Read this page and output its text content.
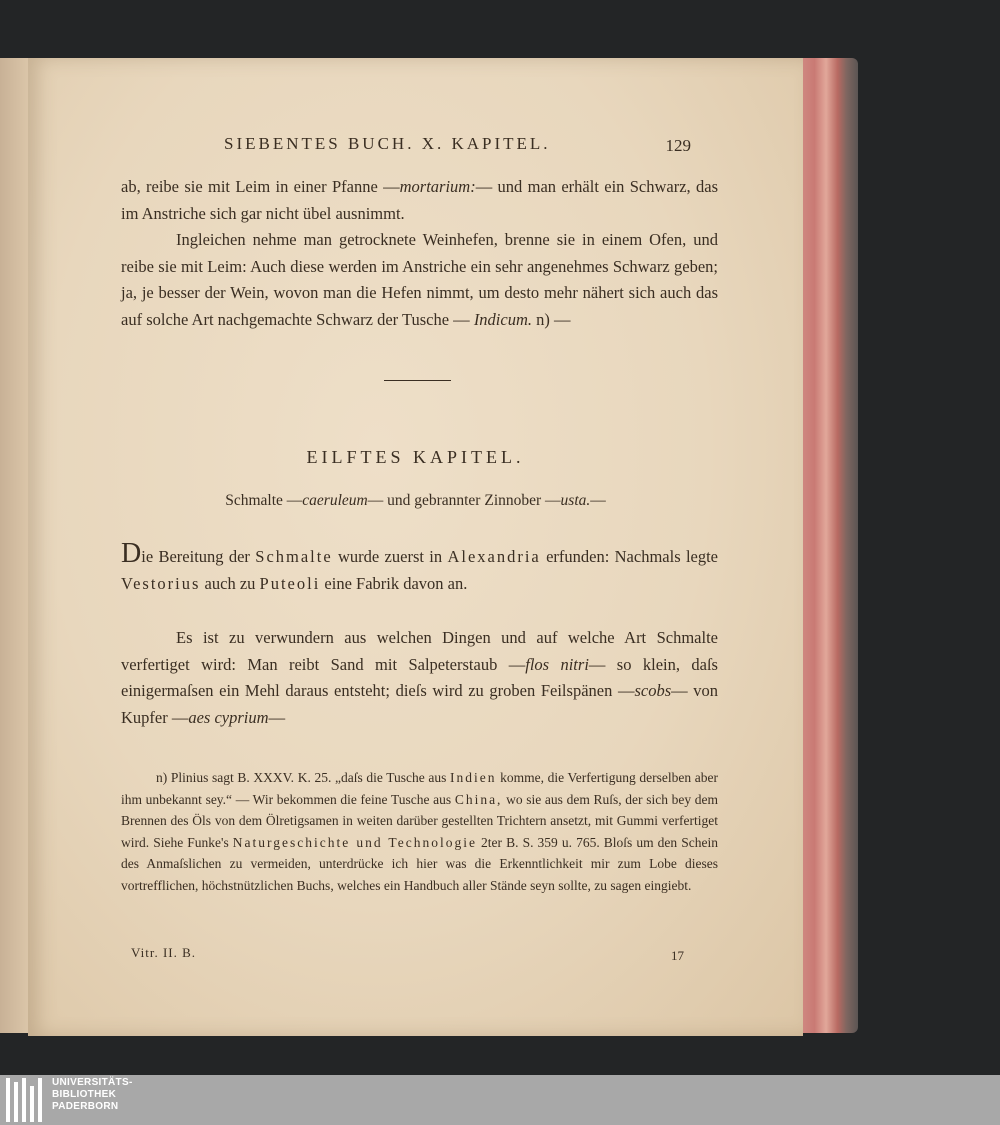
SIEBENTES BUCH. X. KAPITEL.	129

ab, reibe sie mit Leim in einer Pfanne —mortarium:— und man erhält ein Schwarz, das im Anstriche sich gar nicht übel ausnimmt.

Ingleichen nehme man getrocknete Weinhefen, brenne sie in einem Ofen, und reibe sie mit Leim: Auch diese werden im Anstriche ein sehr angenehmes Schwarz geben; ja, je besser der Wein, wovon man die Hefen nimmt, um desto mehr nähert sich auch das auf solche Art nachgemachte Schwarz der Tusche — Indicum. n) —

EILFTES KAPITEL.
Schmalte —caeruleum— und gebrannter Zinnober —usta.—

Die Bereitung der Schmalte wurde zuerst in Alexandria erfunden: Nachmals legte Vestorius auch zu Puteoli eine Fabrik davon an.

Es ist zu verwundern aus welchen Dingen und auf welche Art Schmalte verfertiget wird: Man reibt Sand mit Salpeterstaub —flos nitri— so klein, daſs einigermaſsen ein Mehl daraus entsteht; dieſs wird zu groben Feilspänen —scobs— von Kupfer —aes cyprium—

n) Plinius sagt B. XXXV. K. 25. „daſs die Tusche aus Indien komme, die Verfertigung derselben aber ihm unbekannt sey.“ — Wir bekommen die feine Tusche aus China, wo sie aus dem Ruſs, der sich bey dem Brennen des Öls von dem Ölretigsamen in weiten darüber gestellten Trichtern ansetzt, mit Gummi verfertiget wird. Siehe Funke's Naturgeschichte und Technologie 2ter B. S. 359 u. 765. Bloſs um den Schein des Anmaſslichen zu vermeiden, unterdrücke ich hier was die Erkenntlichkeit mir zum Lobe dieses vortrefflichen, höchstnützlichen Buchs, welches ein Handbuch aller Stände seyn sollte, zu sagen eingiebt.

Vitr. II. B.	17
UNIVERSITÄTS-
BIBLIOTHEK
PADERBORN
